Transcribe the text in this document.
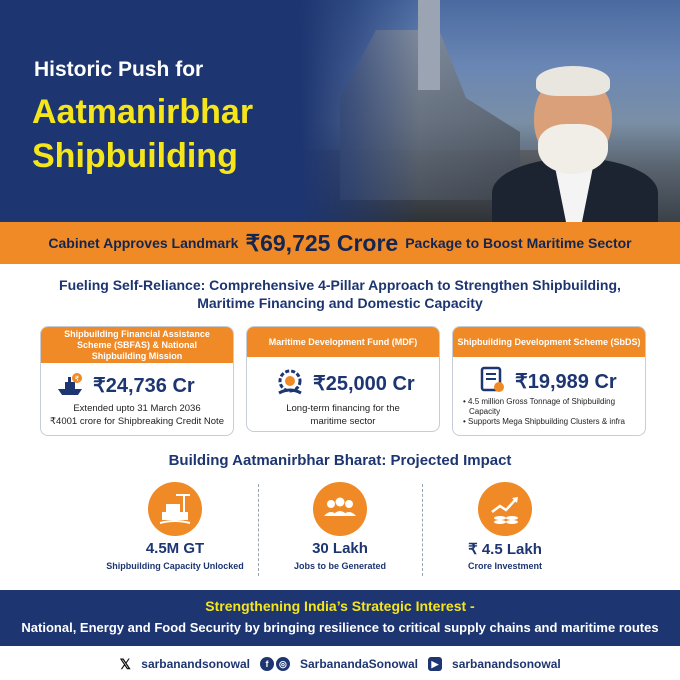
Historic Push for
Aatmanirbhar
Shipbuilding
Cabinet Approves Landmark ₹69,725 Crore Package to Boost Maritime Sector
Fueling Self-Reliance: Comprehensive 4-Pillar Approach to Strengthen Shipbuilding,
Maritime Financing and Domestic Capacity
Shipbuilding Financial Assistance Scheme (SBFAS) & National Shipbuilding Mission
₹ ₹24,736 Cr
Extended upto 31 March 2036
₹4001 crore for Shipbreaking Credit Note
Maritime Development Fund (MDF)
₹25,000 Cr
Long-term financing for the
maritime sector
Shipbuilding Development Scheme (SbDS)
₹19,989 Cr
• 4.5 million Gross Tonnage of Shipbuilding
Capacity
• Supports Mega Shipbuilding Clusters & infra
Building Aatmanirbhar Bharat: Projected Impact
4.5M GT
Shipbuilding Capacity Unlocked
30 Lakh
Jobs to be Generated
₹ 4.5 Lakh
Crore Investment
Strengthening India’s Strategic Interest -
National, Energy and Food Security by bringing resilience to critical supply chains and maritime routes
𝕏 sarbanandsonowal	f	◎ SarbanandaSonowal	▶ sarbanandsonowal
